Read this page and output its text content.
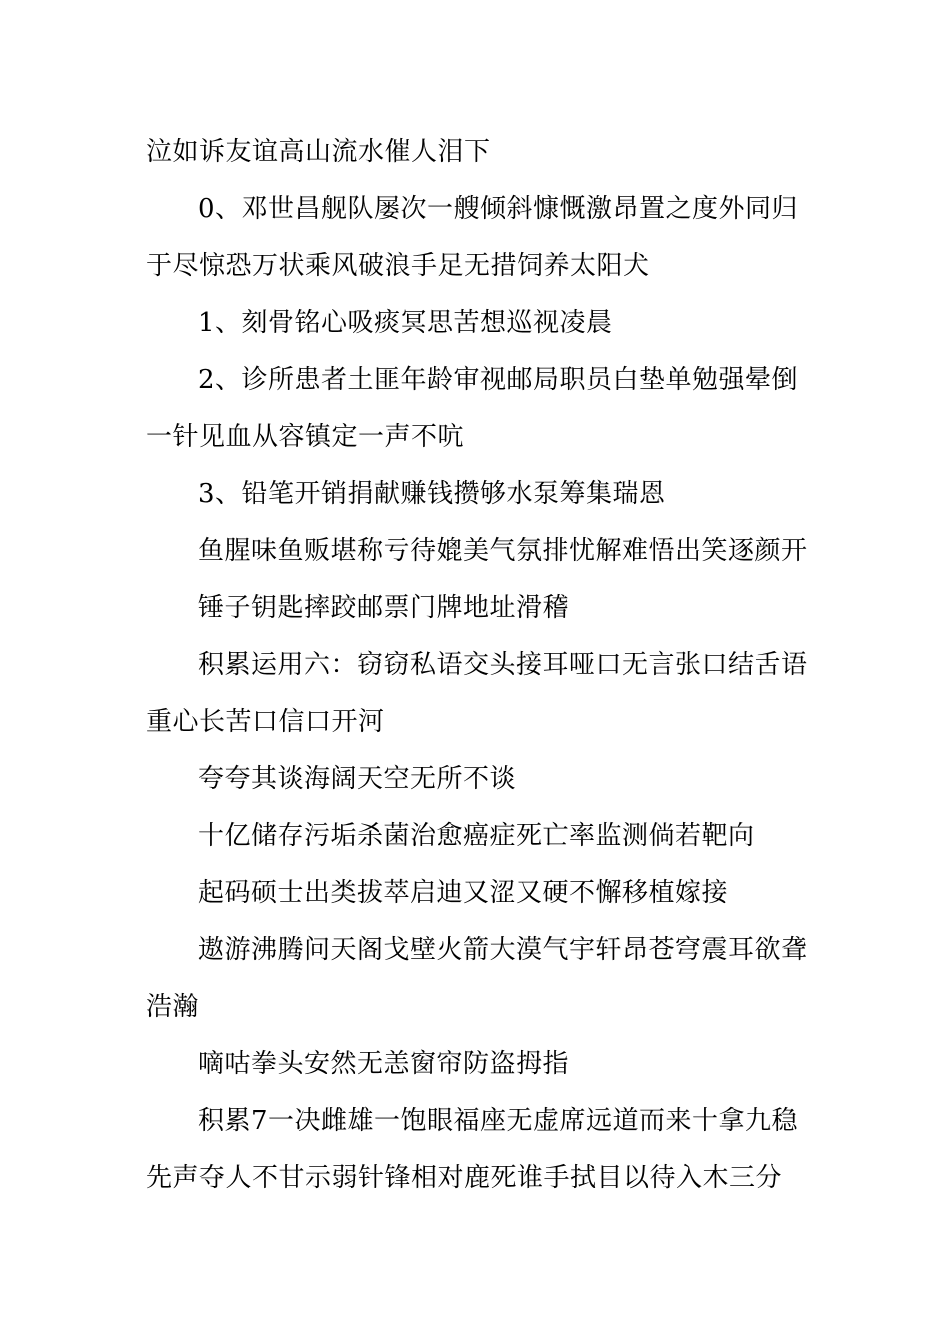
泣如诉友谊高山流水催人泪下

0、邓世昌舰队屡次一艘倾斜慷慨激昂置之度外同归于尽惊恐万状乘风破浪手足无措饲养太阳犬

1、刻骨铭心吸痰冥思苦想巡视凌晨

2、诊所患者土匪年龄审视邮局职员白垫单勉强晕倒一针见血从容镇定一声不吭

3、铅笔开销捐献赚钱攒够水泵筹集瑞恩

鱼腥味鱼贩堪称亏待媲美气氛排忧解难悟出笑逐颜开

锤子钥匙摔跤邮票门牌地址滑稽

积累运用六：窃窃私语交头接耳哑口无言张口结舌语重心长苦口信口开河

夸夸其谈海阔天空无所不谈

十亿储存污垢杀菌治愈癌症死亡率监测倘若靶向

起码硕士出类拔萃启迪又涩又硬不懈移植嫁接

遨游沸腾问天阁戈壁火箭大漠气宇轩昂苍穹震耳欲聋浩瀚

嘀咕拳头安然无恙窗帘防盗拇指

积累7一决雌雄一饱眼福座无虚席远道而来十拿九稳先声夺人不甘示弱针锋相对鹿死谁手拭目以待入木三分
